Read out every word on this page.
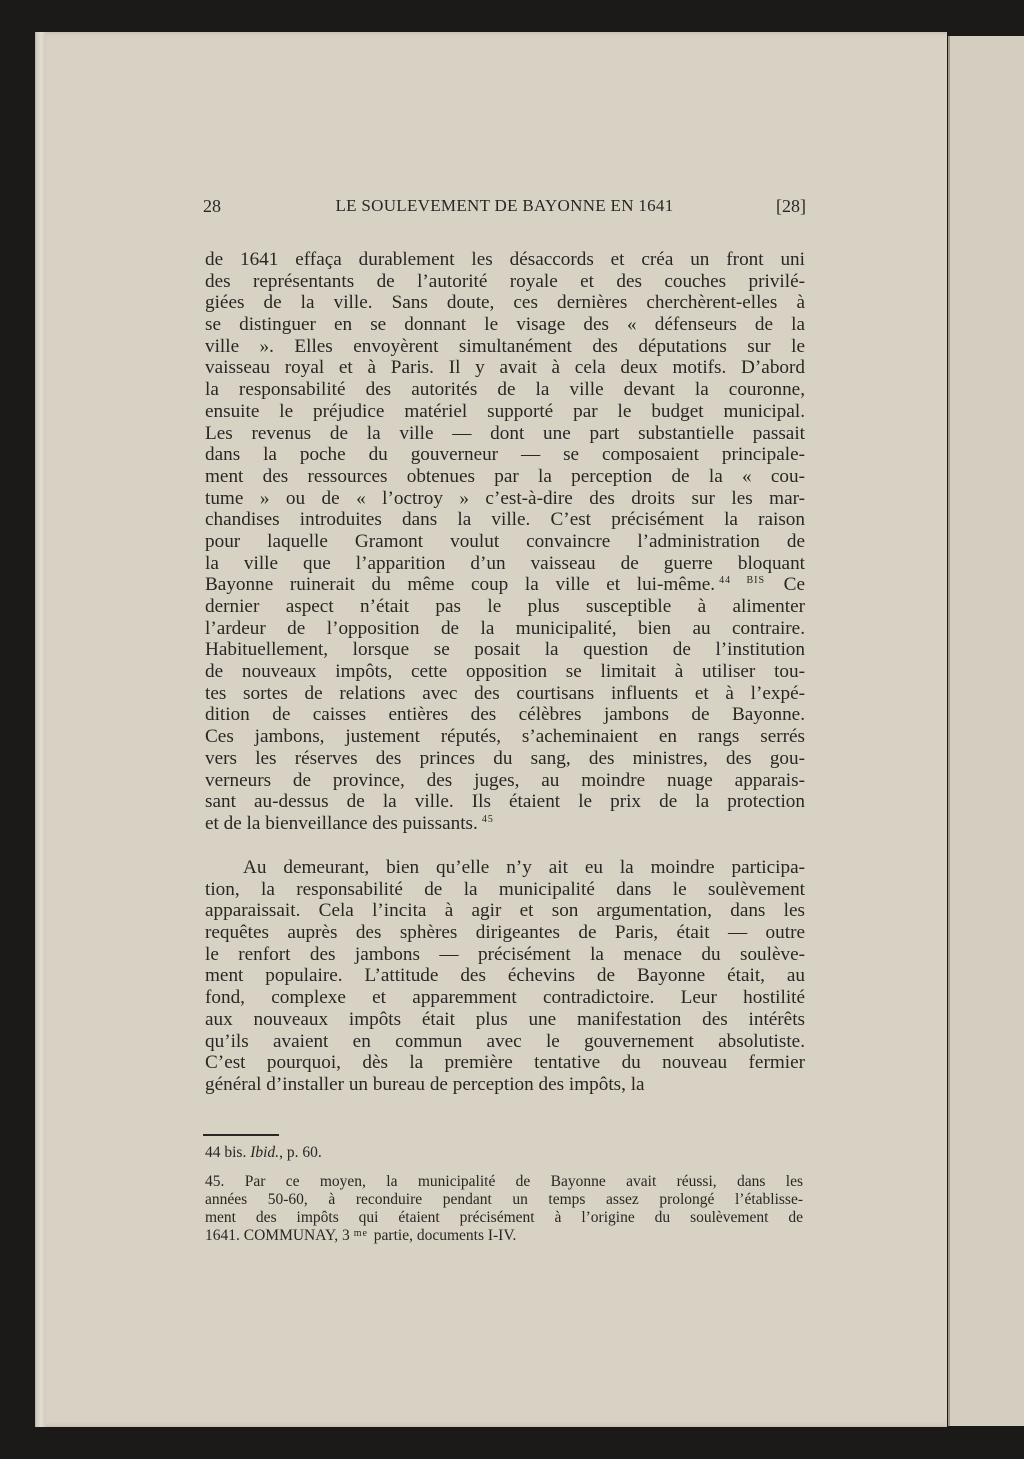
28	LE SOULEVEMENT DE BAYONNE EN 1641	[28]
de 1641 effaça durablement les désaccords et créa un front uni
des représentants de l’autorité royale et des couches privilé-
giées de la ville. Sans doute, ces dernières cherchèrent-elles à
se distinguer en se donnant le visage des « défenseurs de la
ville ». Elles envoyèrent simultanément des députations sur le
vaisseau royal et à Paris. Il y avait à cela deux motifs. D’abord
la responsabilité des autorités de la ville devant la couronne,
ensuite le préjudice matériel supporté par le budget municipal.
Les revenus de la ville — dont une part substantielle passait
dans la poche du gouverneur — se composaient principale-
ment des ressources obtenues par la perception de la « cou-
tume » ou de « l’octroy » c’est-à-dire des droits sur les mar-
chandises introduites dans la ville. C’est précisément la raison
pour laquelle Gramont voulut convaincre l’administration de
la ville que l’apparition d’un vaisseau de guerre bloquant
Bayonne ruinerait du même coup la ville et lui-même. $^{44 BIS}$ Ce
dernier aspect n’était pas le plus susceptible à alimenter
l’ardeur de l’opposition de la municipalité, bien au contraire.
Habituellement, lorsque se posait la question de l’institution
de nouveaux impôts, cette opposition se limitait à utiliser tou-
tes sortes de relations avec des courtisans influents et à l’expé-
dition de caisses entières des célèbres jambons de Bayonne.
Ces jambons, justement réputés, s’acheminaient en rangs serrés
vers les réserves des princes du sang, des ministres, des gou-
verneurs de province, des juges, au moindre nuage apparais-
sant au-dessus de la ville. Ils étaient le prix de la protection
et de la bienveillance des puissants. $^{45}$
Au demeurant, bien qu’elle n’y ait eu la moindre participa-
tion, la responsabilité de la municipalité dans le soulèvement
apparaissait. Cela l’incita à agir et son argumentation, dans les
requêtes auprès des sphères dirigeantes de Paris, était — outre
le renfort des jambons — précisément la menace du soulève-
ment populaire. L’attitude des échevins de Bayonne était, au
fond, complexe et apparemment contradictoire. Leur hostilité
aux nouveaux impôts était plus une manifestation des intérêts
qu’ils avaient en commun avec le gouvernement absolutiste.
C’est pourquoi, dès la première tentative du nouveau fermier
général d’installer un bureau de perception des impôts, la
44 bis. Ibid., p. 60.
45. Par ce moyen, la municipalité de Bayonne avait réussi, dans les
années 50-60, à reconduire pendant un temps assez prolongé l’établisse-
ment des impôts qui étaient précisément à l’origine du soulèvement de
1641. COMMUNAY, 3 $^{me}$ partie, documents I-IV.
